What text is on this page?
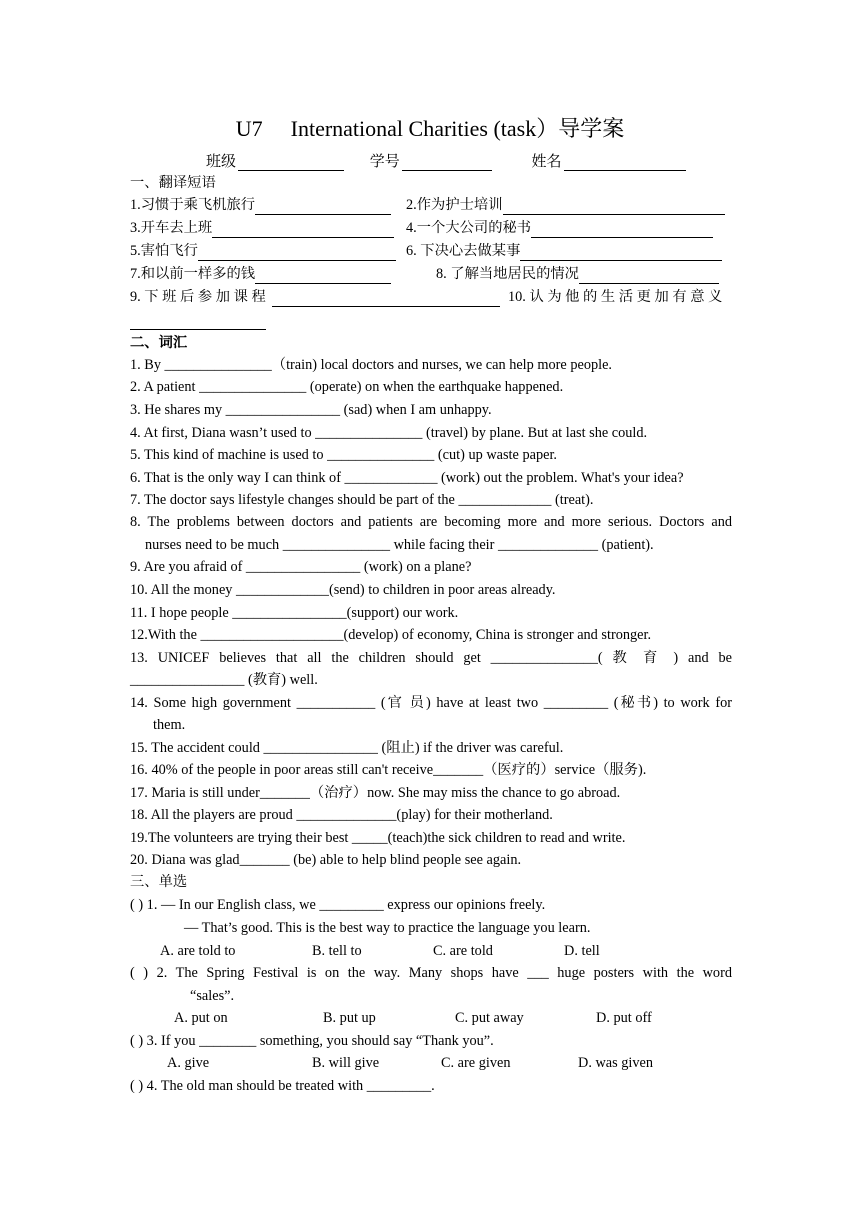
U7 International Charities (task）导学案
班级	学号	姓名
一、翻译短语
1.习惯于乘飞机旅行	2.作为护士培训
3.开车去上班	4.一个大公司的秘书
5.害怕飞行	6. 下决心去做某事
7.和以前一样多的钱	8. 了解当地居民的情况
9. 下 班 后 参 加 课 程	10. 认 为 他 的 生 活 更 加 有 意 义
二、词汇
1. By _______________（train) local doctors and nurses, we can help more people.
2. A patient _______________ (operate) on when the earthquake happened.
3. He shares my ________________ (sad) when I am unhappy.
4. At first, Diana wasn’t used to _______________ (travel) by plane. But at last she could.
5. This kind of machine is used to _______________ (cut) up waste paper.
6. That is the only way I can think of _____________ (work) out the problem. What's your idea?
7. The doctor says lifestyle changes should be part of the _____________ (treat).
8. The problems between doctors and patients are becoming more and more serious. Doctors and
nurses need to be much _______________ while facing their ______________ (patient).
9. Are you afraid of ________________ (work) on a plane?
10. All the money _____________(send) to children in poor areas already.
11. I hope people ________________(support) our work.
12.With the ____________________(develop) of economy, China is stronger and stronger.
13. UNICEF believes that all the children should get _______________( 教 育 ) and be
________________ (教育) well.
14. Some high government ___________ (官 员) have at least two _________ (秘书) to work for
them.
15. The accident could ________________ (阻止) if the driver was careful.
16. 40% of the people in poor areas still can't receive_______（医疗的）service（服务).
17. Maria is still under_______（治疗）now. She may miss the chance to go abroad.
18. All the players are proud ______________(play) for their motherland.
19.The volunteers are trying their best _____(teach)the sick children to read and write.
20. Diana was glad_______ (be) able to help blind people see again.
三、单选
( ) 1. — In our English class, we _________ express our opinions freely.
— That’s good. This is the best way to practice the language you learn.
A. are told to	B. tell to	C. are told	D. tell
( ) 2. The Spring Festival is on the way. Many shops have ___ huge posters with the word
“sales”.
A. put on	B. put up	C. put away	D. put off
( ) 3. If you ________ something, you should say “Thank you”.
A. give	B. will give	C. are given	D. was given
( ) 4. The old man should be treated with _________.
